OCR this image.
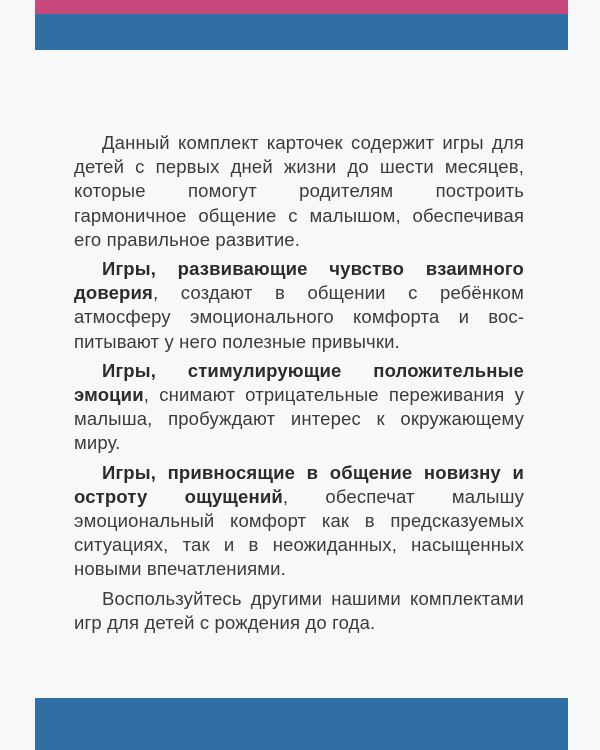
Данный комплект карточек содержит игры для детей с первых дней жизни до шести месяцев, которые помогут родителям построить гармоничное общение с малышом, обеспечивая его правильное развитие.

Игры, развивающие чувство взаимного доверия, создают в общении с ребёнком атмосферу эмоционального комфорта и воспитывают у него полезные привычки.

Игры, стимулирующие положительные эмоции, снимают отрицательные переживания у малыша, пробуждают интерес к окружающему миру.

Игры, привносящие в общение новизну и остроту ощущений, обеспечат малышу эмоциональный комфорт как в предсказуемых ситуациях, так и в неожиданных, насыщенных новыми впечатлениями.

Воспользуйтесь другими нашими комплектами игр для детей с рождения до года.
